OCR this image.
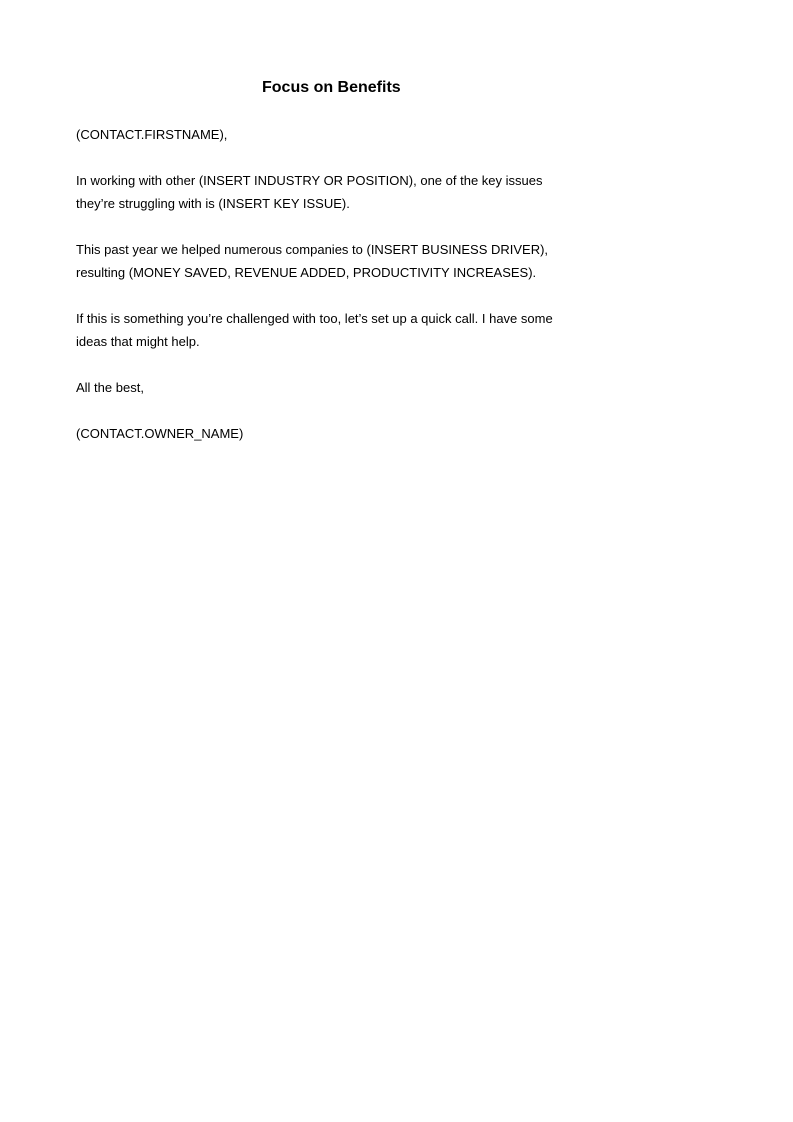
Focus on Benefits
(CONTACT.FIRSTNAME),
In working with other (INSERT INDUSTRY OR POSITION), one of the key issues
they’re struggling with is (INSERT KEY ISSUE).
This past year we helped numerous companies to (INSERT BUSINESS DRIVER),
resulting (MONEY SAVED, REVENUE ADDED, PRODUCTIVITY INCREASES).
If this is something you’re challenged with too, let’s set up a quick call. I have some
ideas that might help.
All the best,
(CONTACT.OWNER_NAME)
